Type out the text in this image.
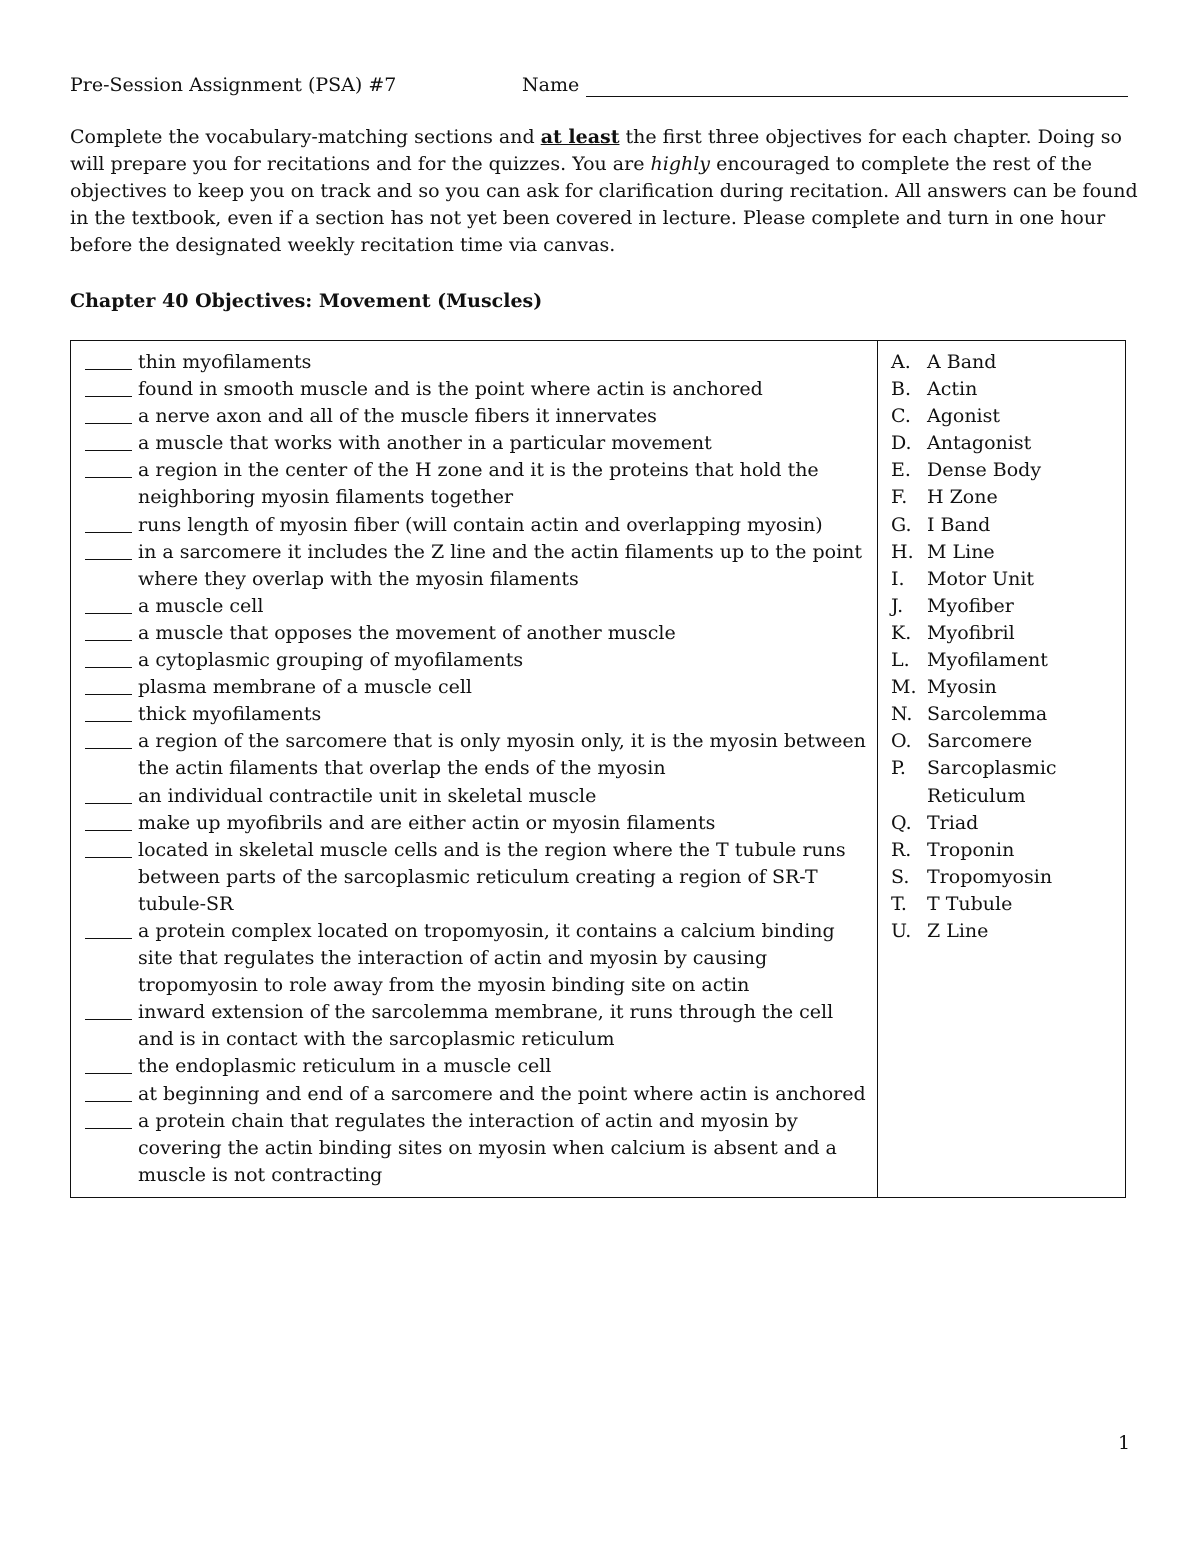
Pre-Session Assignment (PSA) #7	Name

Complete the vocabulary-matching sections and at least the first three objectives for each chapter. Doing so will prepare you for recitations and for the quizzes. You are highly encouraged to complete the rest of the objectives to keep you on track and so you can ask for clarification during recitation. All answers can be found in the textbook, even if a section has not yet been covered in lecture. Please complete and turn in one hour before the designated weekly recitation time via canvas.

Chapter 40 Objectives: Movement (Muscles)
thin myofilaments
found in smooth muscle and is the point where actin is anchored
a nerve axon and all of the muscle fibers it innervates
a muscle that works with another in a particular movement
a region in the center of the H zone and it is the proteins that hold the neighboring myosin filaments together
runs length of myosin fiber (will contain actin and overlapping myosin)
in a sarcomere it includes the Z line and the actin filaments up to the point where they overlap with the myosin filaments
a muscle cell
a muscle that opposes the movement of another muscle
a cytoplasmic grouping of myofilaments
plasma membrane of a muscle cell
thick myofilaments
a region of the sarcomere that is only myosin only, it is the myosin between the actin filaments that overlap the ends of the myosin
an individual contractile unit in skeletal muscle
make up myofibrils and are either actin or myosin filaments
located in skeletal muscle cells and is the region where the T tubule runs between parts of the sarcoplasmic reticulum creating a region of SR-T tubule-SR
a protein complex located on tropomyosin, it contains a calcium binding site that regulates the interaction of actin and myosin by causing tropomyosin to role away from the myosin binding site on actin
inward extension of the sarcolemma membrane, it runs through the cell and is in contact with the sarcoplasmic reticulum
the endoplasmic reticulum in a muscle cell
at beginning and end of a sarcomere and the point where actin is anchored
a protein chain that regulates the interaction of actin and myosin by covering the actin binding sites on myosin when calcium is absent and a muscle is not contracting
A. A Band
B. Actin
C. Agonist
D. Antagonist
E. Dense Body
F. H Zone
G. I Band
H. M Line
I. Motor Unit
J. Myofiber
K. Myofibril
L. Myofilament
M. Myosin
N. Sarcolemma
O. Sarcomere
P. Sarcoplasmic Reticulum
Q. Triad
R. Troponin
S. Tropomyosin
T. T Tubule
U. Z Line
1
